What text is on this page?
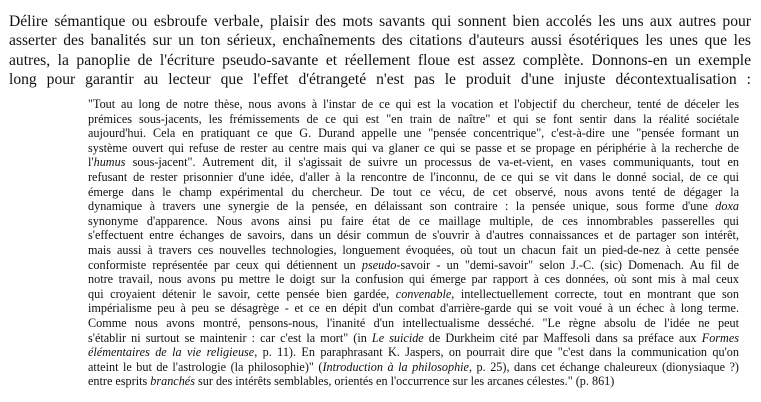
Délire sémantique ou esbroufe verbale, plaisir des mots savants qui sonnent bien accolés les uns aux autres pour
asserter des banalités sur un ton sérieux, enchaînements des citations d'auteurs aussi ésotériques les unes que les
autres, la panoplie de l'écriture pseudo-savante et réellement floue est assez complète. Donnons-en un exemple
long pour garantir au lecteur que l'effet d'étrangeté n'est pas le produit d'une injuste décontextualisation :
"Tout au long de notre thèse, nous avons à l'instar de ce qui est la vocation et l'objectif du chercheur, tenté de déceler les
prémices sous-jacents, les frémissements de ce qui est "en train de naître" et qui se font sentir dans la réalité sociétale
aujourd'hui. Cela en pratiquant ce que G. Durand appelle une "pensée concentrique", c'est-à-dire une "pensée formant un
système ouvert qui refuse de rester au centre mais qui va glaner ce qui se passe et se propage en périphérie à la recherche de
l'humus sous-jacent". Autrement dit, il s'agissait de suivre un processus de va-et-vient, en vases communiquants, tout en
refusant de rester prisonnier d'une idée, d'aller à la rencontre de l'inconnu, de ce qui se vit dans le donné social, de ce qui
émerge dans le champ expérimental du chercheur. De tout ce vécu, de cet observé, nous avons tenté de dégager la
dynamique à travers une synergie de la pensée, en délaissant son contraire : la pensée unique, sous forme d'une doxa
synonyme d'apparence. Nous avons ainsi pu faire état de ce maillage multiple, de ces innombrables passerelles qui
s'effectuent entre échanges de savoirs, dans un désir commun de s'ouvrir à d'autres connaissances et de partager son intérêt,
mais aussi à travers ces nouvelles technologies, longuement évoquées, où tout un chacun fait un pied-de-nez à cette pensée
conformiste représentée par ceux qui détiennent un pseudo-savoir - un "demi-savoir" selon J.-C. (sic) Domenach. Au fil de
notre travail, nous avons pu mettre le doigt sur la confusion qui émerge par rapport à ces données, où sont mis à mal ceux
qui croyaient détenir le savoir, cette pensée bien gardée, convenable, intellectuellement correcte, tout en montrant que son
impérialisme peu à peu se désagrège - et ce en dépit d'un combat d'arrière-garde qui se voit voué à un échec à long terme.
Comme nous avons montré, pensons-nous, l'inanité d'un intellectualisme desséché. "Le règne absolu de l'idée ne peut
s'établir ni surtout se maintenir : car c'est la mort" (in Le suicide de Durkheim cité par Maffesoli dans sa préface aux Formes
élémentaires de la vie religieuse, p. 11). En paraphrasant K. Jaspers, on pourrait dire que "c'est dans la communication qu'on
atteint le but de l'astrologie (la philosophie)" (Introduction à la philosophie, p. 25), dans cet échange chaleureux (dionysiaque ?)
entre esprits branchés sur des intérêts semblables, orientés en l'occurrence sur les arcanes célestes." (p. 861)
